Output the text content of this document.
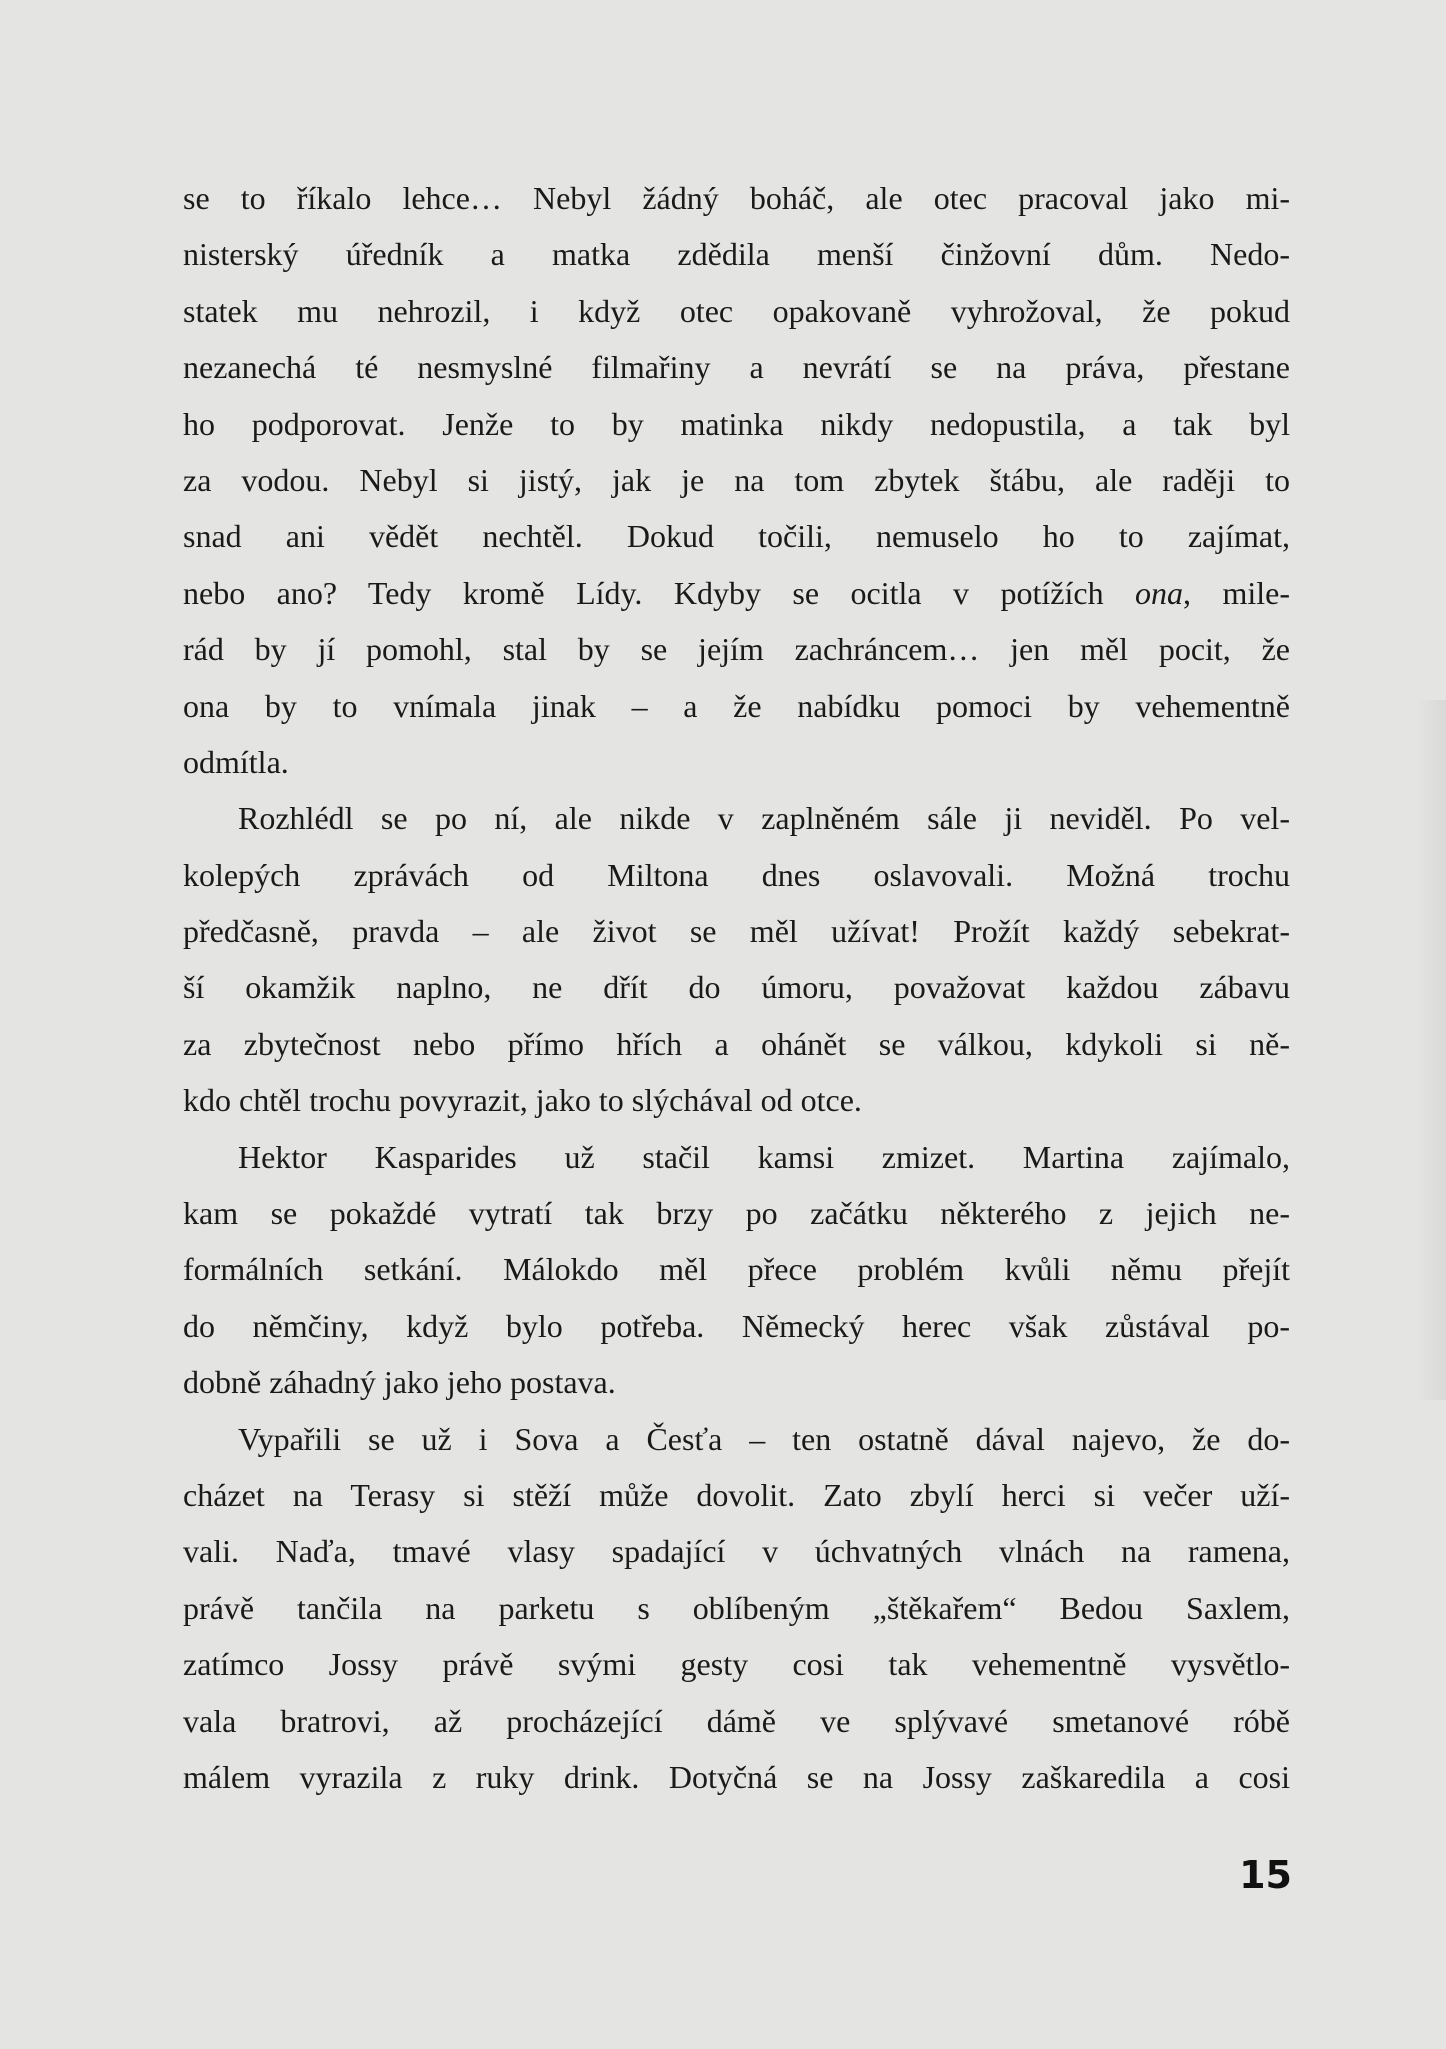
se to říkalo lehce… Nebyl žádný boháč, ale otec pracoval jako mi-
nisterský úředník a matka zdědila menší činžovní dům. Nedo-
statek mu nehrozil, i když otec opakovaně vyhrožoval, že pokud
nezanechá té nesmyslné filmařiny a nevrátí se na práva, přestane
ho podporovat. Jenže to by matinka nikdy nedopustila, a tak byl
za vodou. Nebyl si jistý, jak je na tom zbytek štábu, ale raději to
snad ani vědět nechtěl. Dokud točili, nemuselo ho to zajímat,
nebo ano? Tedy kromě Lídy. Kdyby se ocitla v potížích ona, mile-
rád by jí pomohl, stal by se jejím zachráncem… jen měl pocit, že
ona by to vnímala jinak – a že nabídku pomoci by vehementně
odmítla.
Rozhlédl se po ní, ale nikde v zaplněném sále ji neviděl. Po vel-
kolepých zprávách od Miltona dnes oslavovali. Možná trochu
předčasně, pravda – ale život se měl užívat! Prožít každý sebekrat-
ší okamžik naplno, ne dřít do úmoru, považovat každou zábavu
za zbytečnost nebo přímo hřích a ohánět se válkou, kdykoli si ně-
kdo chtěl trochu povyrazit, jako to slýchával od otce.
Hektor Kasparides už stačil kamsi zmizet. Martina zajímalo,
kam se pokaždé vytratí tak brzy po začátku některého z jejich ne-
formálních setkání. Málokdo měl přece problém kvůli němu přejít
do němčiny, když bylo potřeba. Německý herec však zůstával po-
dobně záhadný jako jeho postava.
Vypařili se už i Sova a Česťa – ten ostatně dával najevo, že do-
cházet na Terasy si stěží může dovolit. Zato zbylí herci si večer uží-
vali. Naďa, tmavé vlasy spadající v úchvatných vlnách na ramena,
právě tančila na parketu s oblíbeným „štěkařem“ Bedou Saxlem,
zatímco Jossy právě svými gesty cosi tak vehementně vysvětlo-
vala bratrovi, až procházející dámě ve splývavé smetanové róbě
málem vyrazila z ruky drink. Dotyčná se na Jossy zaškaredila a cosi
15
